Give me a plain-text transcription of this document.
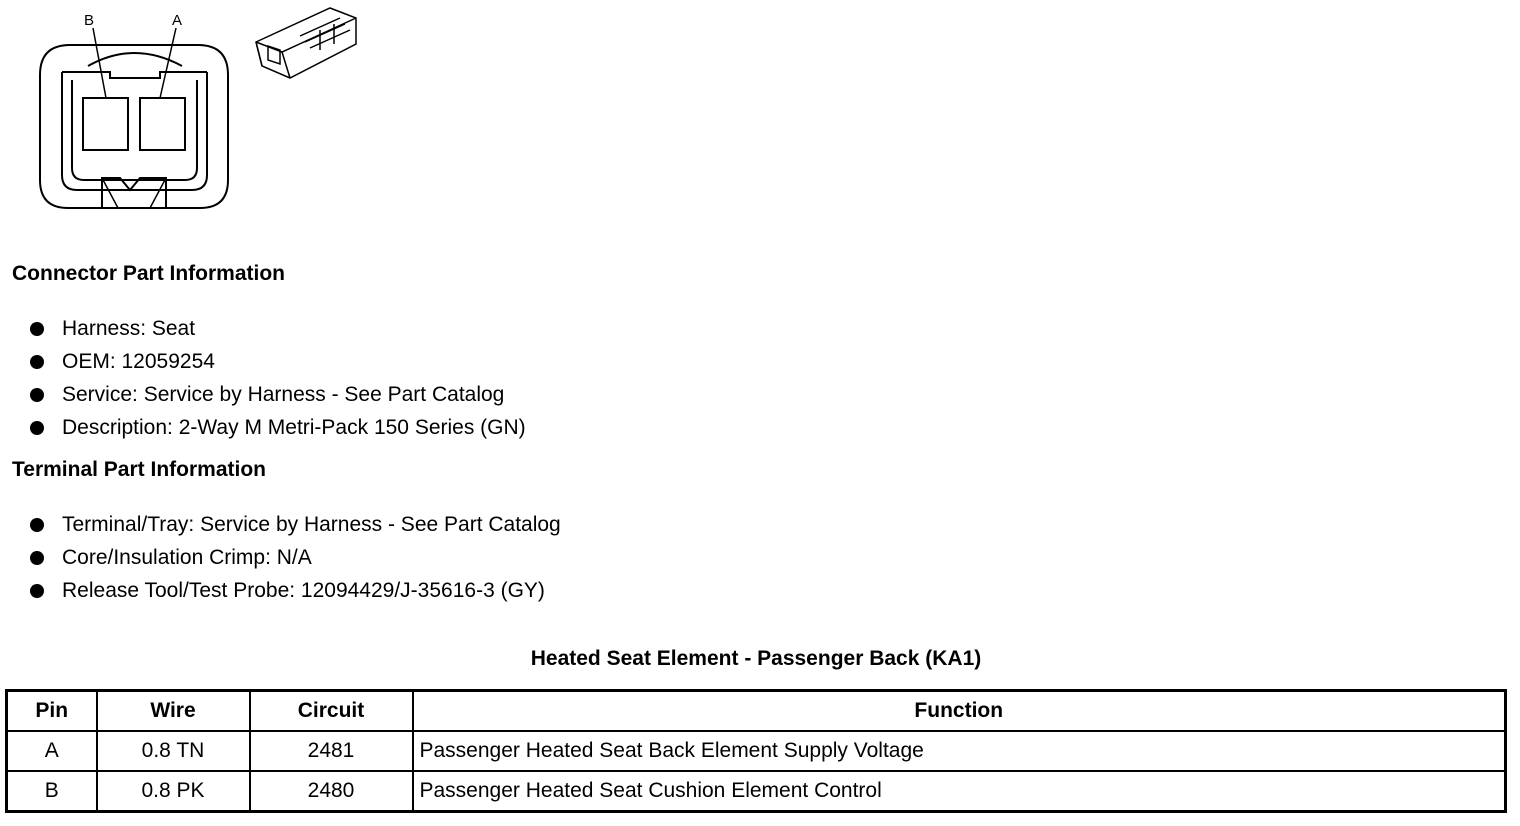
B	A
Connector Part Information
Harness: Seat
OEM: 12059254
Service: Service by Harness - See Part Catalog
Description: 2-Way M Metri-Pack 150 Series (GN)
Terminal Part Information
Terminal/Tray: Service by Harness - See Part Catalog
Core/Insulation Crimp: N/A
Release Tool/Test Probe: 12094429/J-35616-3 (GY)
Heated Seat Element - Passenger Back (KA1)
Pin	Wire	Circuit	Function
A	0.8 TN	2481	Passenger Heated Seat Back Element Supply Voltage
B	0.8 PK	2480	Passenger Heated Seat Cushion Element Control
